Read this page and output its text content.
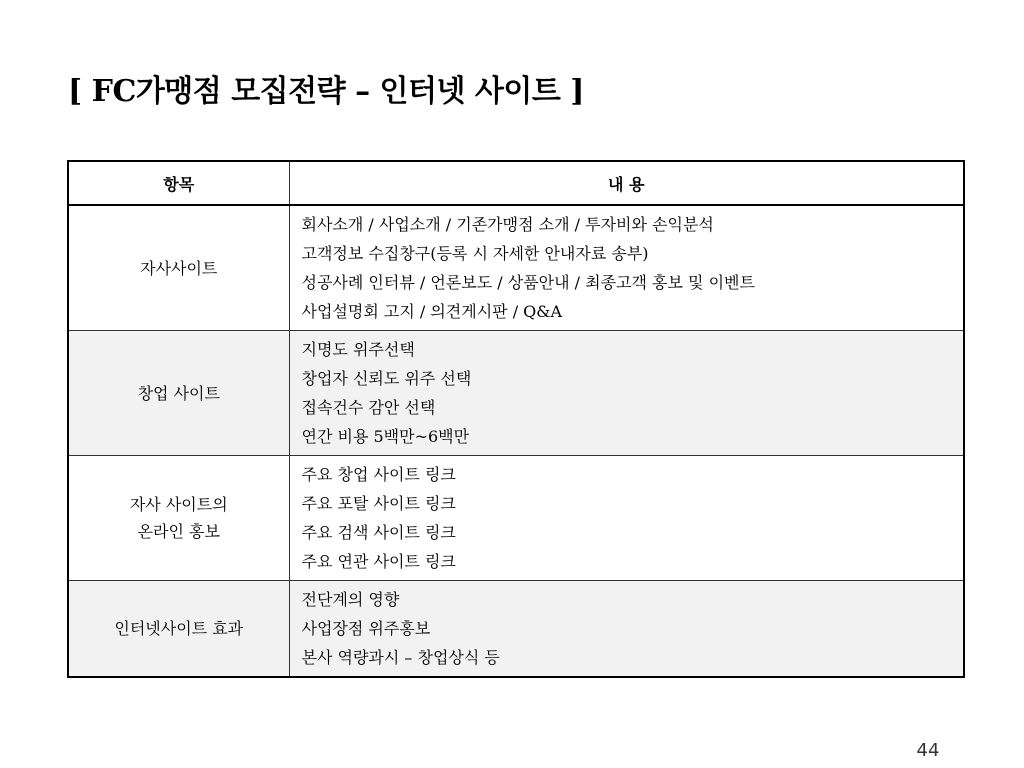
[ FC가맹점 모집전략 – 인터넷 사이트 ]
항목	내 용

자사사이트	회사소개 / 사업소개 / 기존가맹점 소개 / 투자비와 손익분석
고객정보 수집창구(등록 시 자세한 안내자료 송부)
성공사례 인터뷰 / 언론보도 / 상품안내 / 최종고객 홍보 및 이벤트
사업설명회 고지 / 의견게시판 / Q&A

창업 사이트	지명도 위주선택
창업자 신뢰도 위주 선택
접속건수 감안 선택
연간 비용 5백만~6백만

자사 사이트의
온라인 홍보	주요 창업 사이트 링크
주요 포탈 사이트 링크
주요 검색 사이트 링크
주요 연관 사이트 링크

인터넷사이트 효과	전단계의 영향
사업장점 위주홍보
본사 역량과시 – 창업상식 등
44
